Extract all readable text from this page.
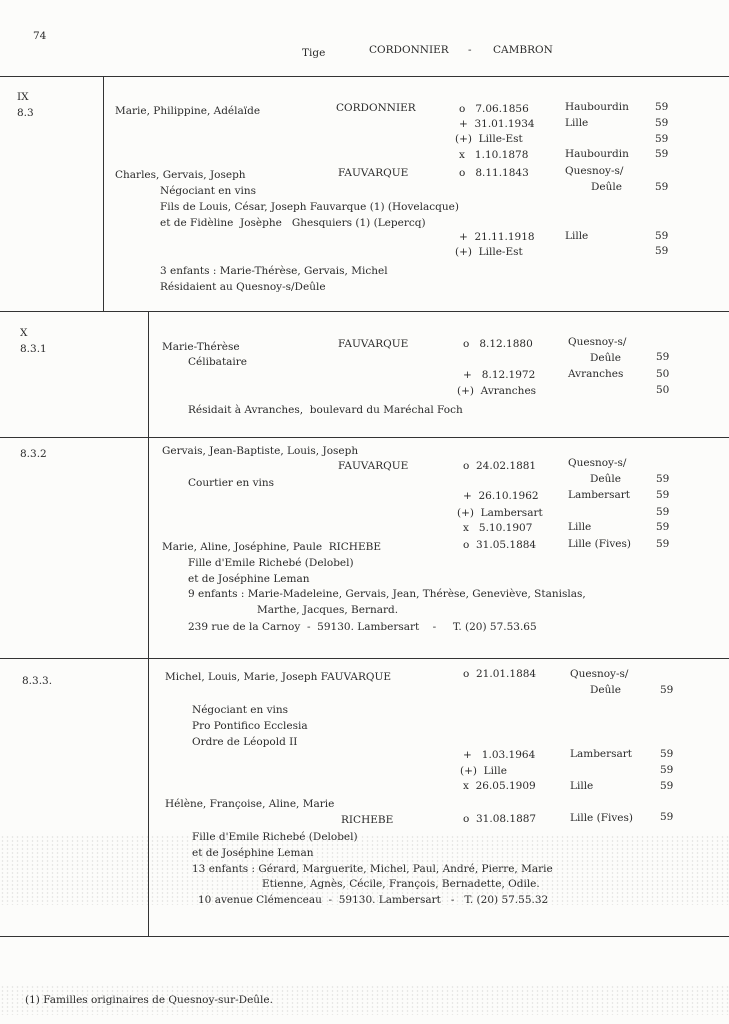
74
Tige	CORDONNIER - CAMBRON
IX
8.3	Marie, Philippine, Adélaïde	CORDONNIER	o   7.06.1856	Haubourdin 59
+  31.01.1934	Lille	59
(+)  Lille-Est	59
x   1.10.1878	Haubourdin 59
Charles, Gervais, Joseph	FAUVARQUE	o   8.11.1843	Quesnoy-s/
Deûle	59
Négociant en vins
Fils de Louis, César, Joseph Fauvarque (1) (Hovelacque)
et de Fidèline  Josèphe   Ghesquiers (1) (Lepercq)
+  21.11.1918	Lille	59
(+)  Lille-Est	59
3 enfants : Marie-Thérèse, Gervais, Michel
Résidaient au Quesnoy-s/Deûle
X
8.3.1	Marie-Thérèse	FAUVARQUE	o   8.12.1880	Quesnoy-s/
Deûle	59
Célibataire
+   8.12.1972	Avranches	50
(+)  Avranches	50
Résidait à Avranches,  boulevard du Maréchal Foch
8.3.2	Gervais, Jean-Baptiste, Louis, Joseph
FAUVARQUE	o  24.02.1881	Quesnoy-s/
Deûle	59
Courtier en vins
+  26.10.1962	Lambersart 59
(+)  Lambersart	59
x   5.10.1907	Lille	59
Marie, Aline, Joséphine, Paule  RICHEBE	o  31.05.1884	Lille (Fives) 59
Fille d'Emile Richebé (Delobel)
et de Joséphine Leman
9 enfants : Marie-Madeleine, Gervais, Jean, Thérèse, Geneviève, Stanislas,
Marthe, Jacques, Bernard.
239 rue de la Carnoy  -  59130. Lambersart    -     T. (20) 57.53.65
8.3.3.	Michel, Louis, Marie, Joseph FAUVARQUE	o  21.01.1884	Quesnoy-s/
Deûle	59
Négociant en vins
Pro Pontifico Ecclesia
Ordre de Léopold II
+   1.03.1964	Lambersart	59
(+)  Lille	59
x  26.05.1909	Lille	59
Hélène, Françoise, Aline, Marie
RICHEBE	o  31.08.1887	Lille (Fives)	59
Fille d'Emile Richebé (Delobel)
et de Joséphine Leman
13 enfants : Gérard, Marguerite, Michel, Paul, André, Pierre, Marie
Etienne, Agnès, Cécile, François, Bernadette, Odile.
10 avenue Clémenceau  -  59130. Lambersart   -   T. (20) 57.55.32
(1) Familles originaires de Quesnoy-sur-Deûle.
